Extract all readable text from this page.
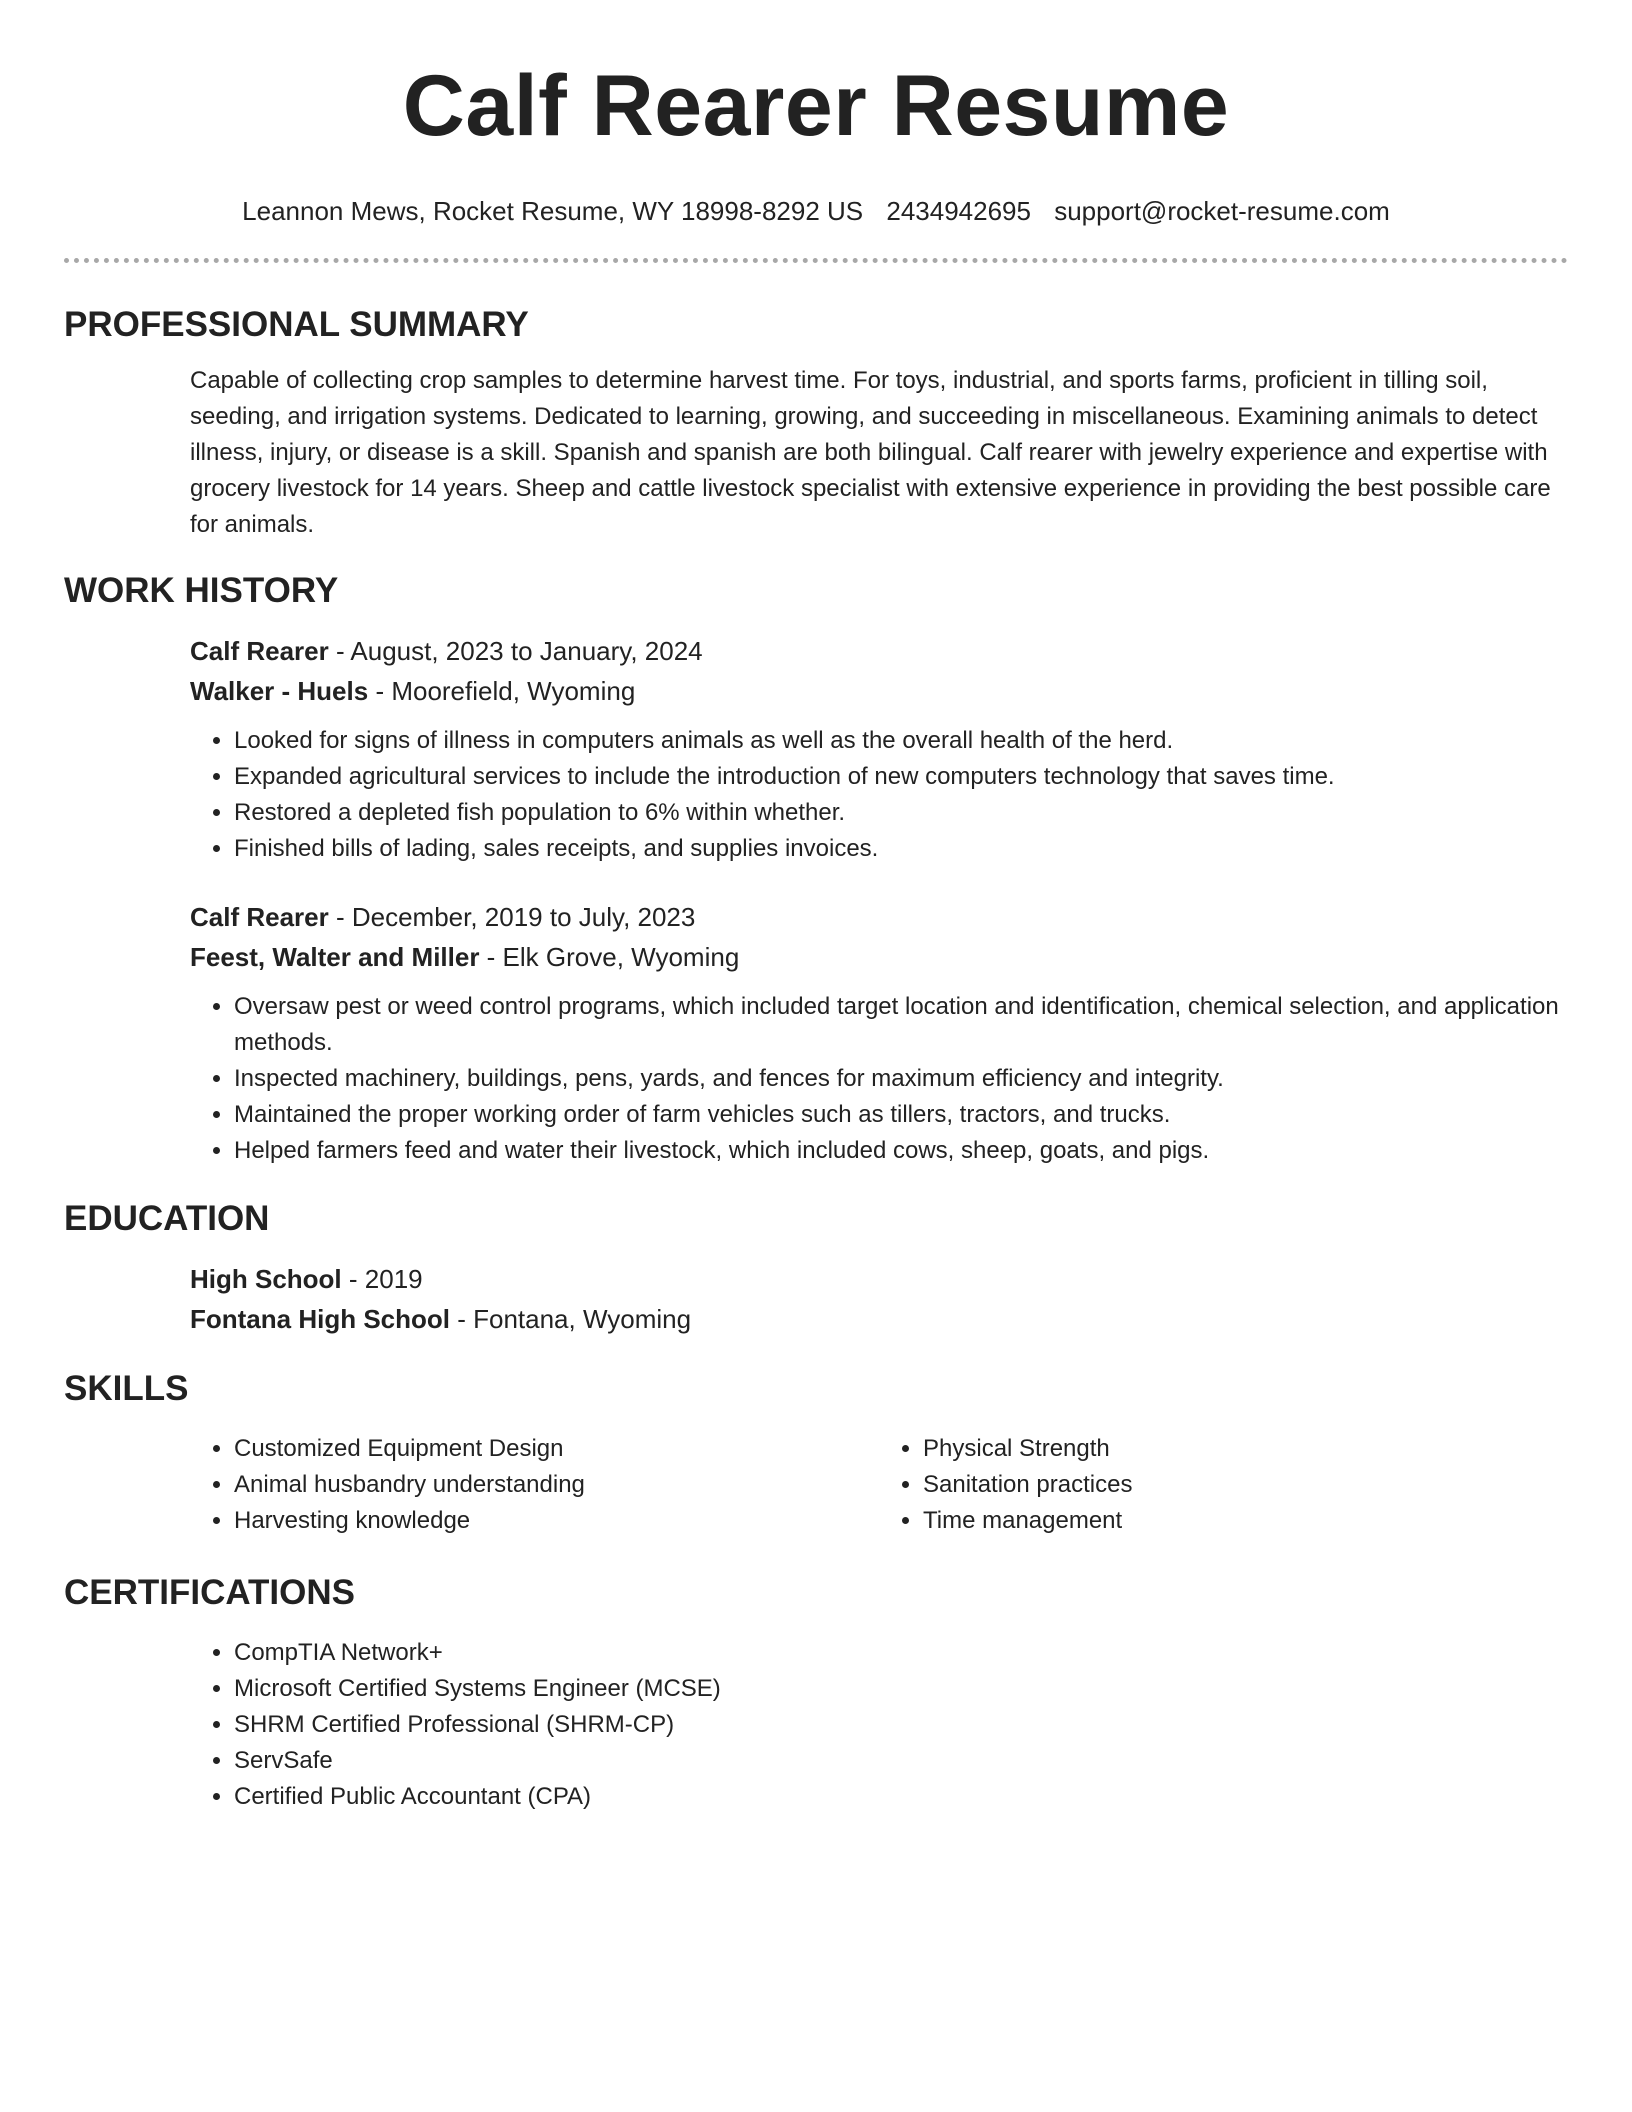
Calf Rearer Resume
Leannon Mews, Rocket Resume, WY 18998-8292 US 2434942695 support@rocket-resume.com
PROFESSIONAL SUMMARY

Capable of collecting crop samples to determine harvest time. For toys, industrial, and sports farms, proficient in tilling soil, seeding, and irrigation systems. Dedicated to learning, growing, and succeeding in miscellaneous. Examining animals to detect illness, injury, or disease is a skill. Spanish and spanish are both bilingual. Calf rearer with jewelry experience and expertise with grocery livestock for 14 years. Sheep and cattle livestock specialist with extensive experience in providing the best possible care for animals.

WORK HISTORY

Calf Rearer - August, 2023 to January, 2024

Walker - Huels - Moorefield, Wyoming

• Looked for signs of illness in computers animals as well as the overall health of the herd.
• Expanded agricultural services to include the introduction of new computers technology that saves time.
• Restored a depleted fish population to 6% within whether.
• Finished bills of lading, sales receipts, and supplies invoices.

Calf Rearer - December, 2019 to July, 2023

Feest, Walter and Miller - Elk Grove, Wyoming

• Oversaw pest or weed control programs, which included target location and identification, chemical selection, and application methods.
• Inspected machinery, buildings, pens, yards, and fences for maximum efficiency and integrity.
• Maintained the proper working order of farm vehicles such as tillers, tractors, and trucks.
• Helped farmers feed and water their livestock, which included cows, sheep, goats, and pigs.
EDUCATION

High School - 2019

Fontana High School - Fontana, Wyoming

SKILLS
• Customized Equipment Design
• Animal husbandry understanding
• Harvesting knowledge
• Physical Strength
• Sanitation practices
• Time management
CERTIFICATIONS
• CompTIA Network+
• Microsoft Certified Systems Engineer (MCSE)
• SHRM Certified Professional (SHRM-CP)
• ServSafe
• Certified Public Accountant (CPA)
